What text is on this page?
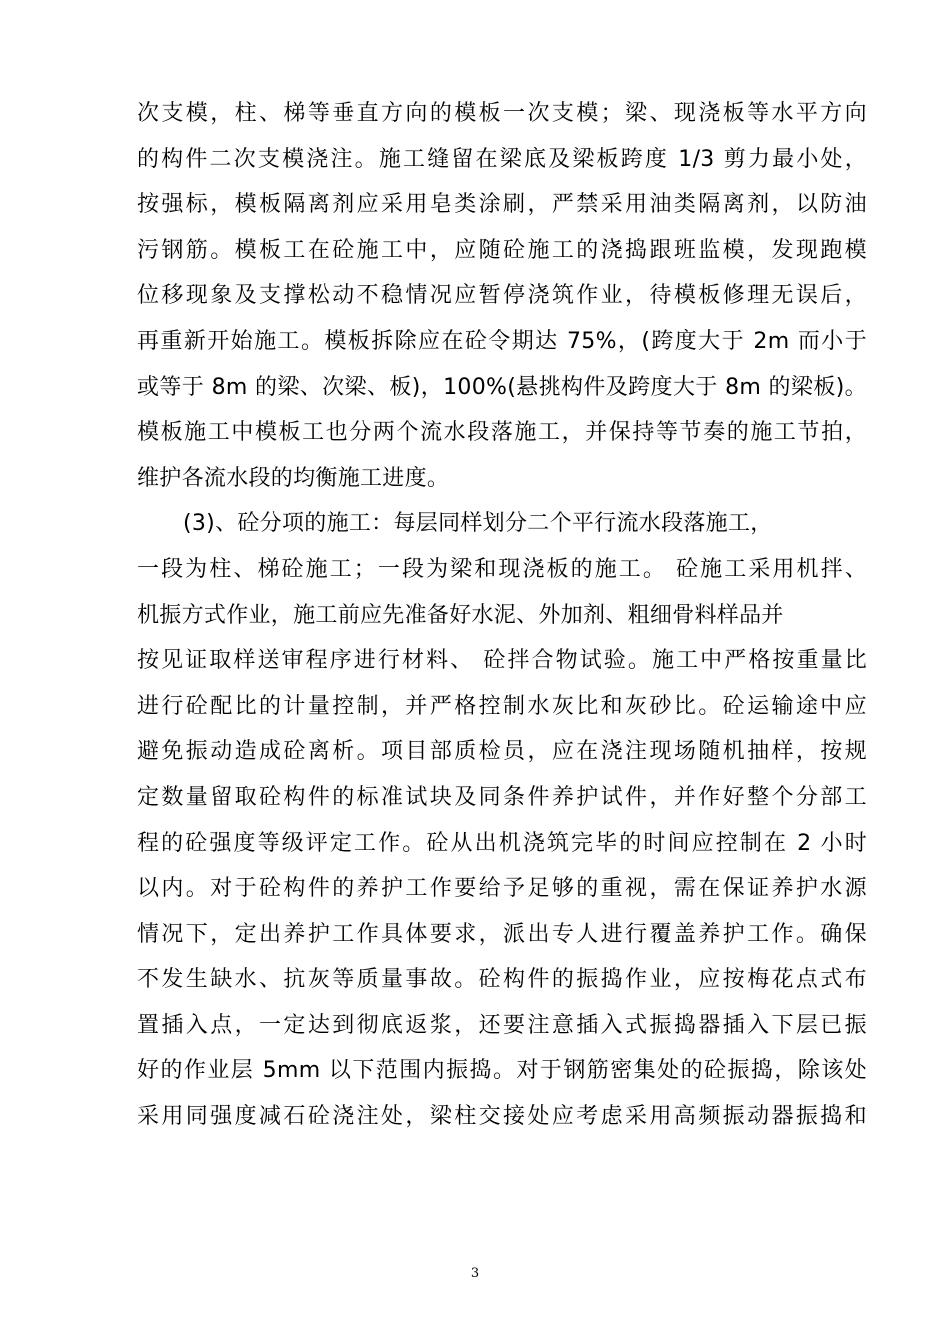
次支模，柱、梯等垂直方向的模板一次支模；梁、现浇板等水平方向
的构件二次支模浇注。施工缝留在梁底及梁板跨度 1/3 剪力最小处，
按强标，模板隔离剂应采用皂类涂刷，严禁采用油类隔离剂，以防油
污钢筋。模板工在砼施工中，应随砼施工的浇捣跟班监模，发现跑模
位移现象及支撑松动不稳情况应暂停浇筑作业，待模板修理无误后，
再重新开始施工。模板拆除应在砼令期达 75%，(跨度大于 2m 而小于
或等于 8m 的梁、次梁、板)，100%(悬挑构件及跨度大于 8m 的梁板)。
模板施工中模板工也分两个流水段落施工，并保持等节奏的施工节拍，
维护各流水段的均衡施工进度。
(3)、砼分项的施工：每层同样划分二个平行流水段落施工，
一段为柱、梯砼施工；一段为梁和现浇板的施工。 砼施工采用机拌、
机振方式作业，施工前应先准备好水泥、外加剂、粗细骨料样品并
按见证取样送审程序进行材料、 砼拌合物试验。施工中严格按重量比
进行砼配比的计量控制，并严格控制水灰比和灰砂比。砼运输途中应
避免振动造成砼离析。项目部质检员，应在浇注现场随机抽样，按规
定数量留取砼构件的标准试块及同条件养护试件，并作好整个分部工
程的砼强度等级评定工作。砼从出机浇筑完毕的时间应控制在 2 小时
以内。对于砼构件的养护工作要给予足够的重视，需在保证养护水源
情况下，定出养护工作具体要求，派出专人进行覆盖养护工作。确保
不发生缺水、抗灰等质量事故。砼构件的振捣作业，应按梅花点式布
置插入点，一定达到彻底返浆，还要注意插入式振捣器插入下层已振
好的作业层 5mm 以下范围内振捣。对于钢筋密集处的砼振捣，除该处
采用同强度减石砼浇注处，梁柱交接处应考虑采用高频振动器振捣和
3
